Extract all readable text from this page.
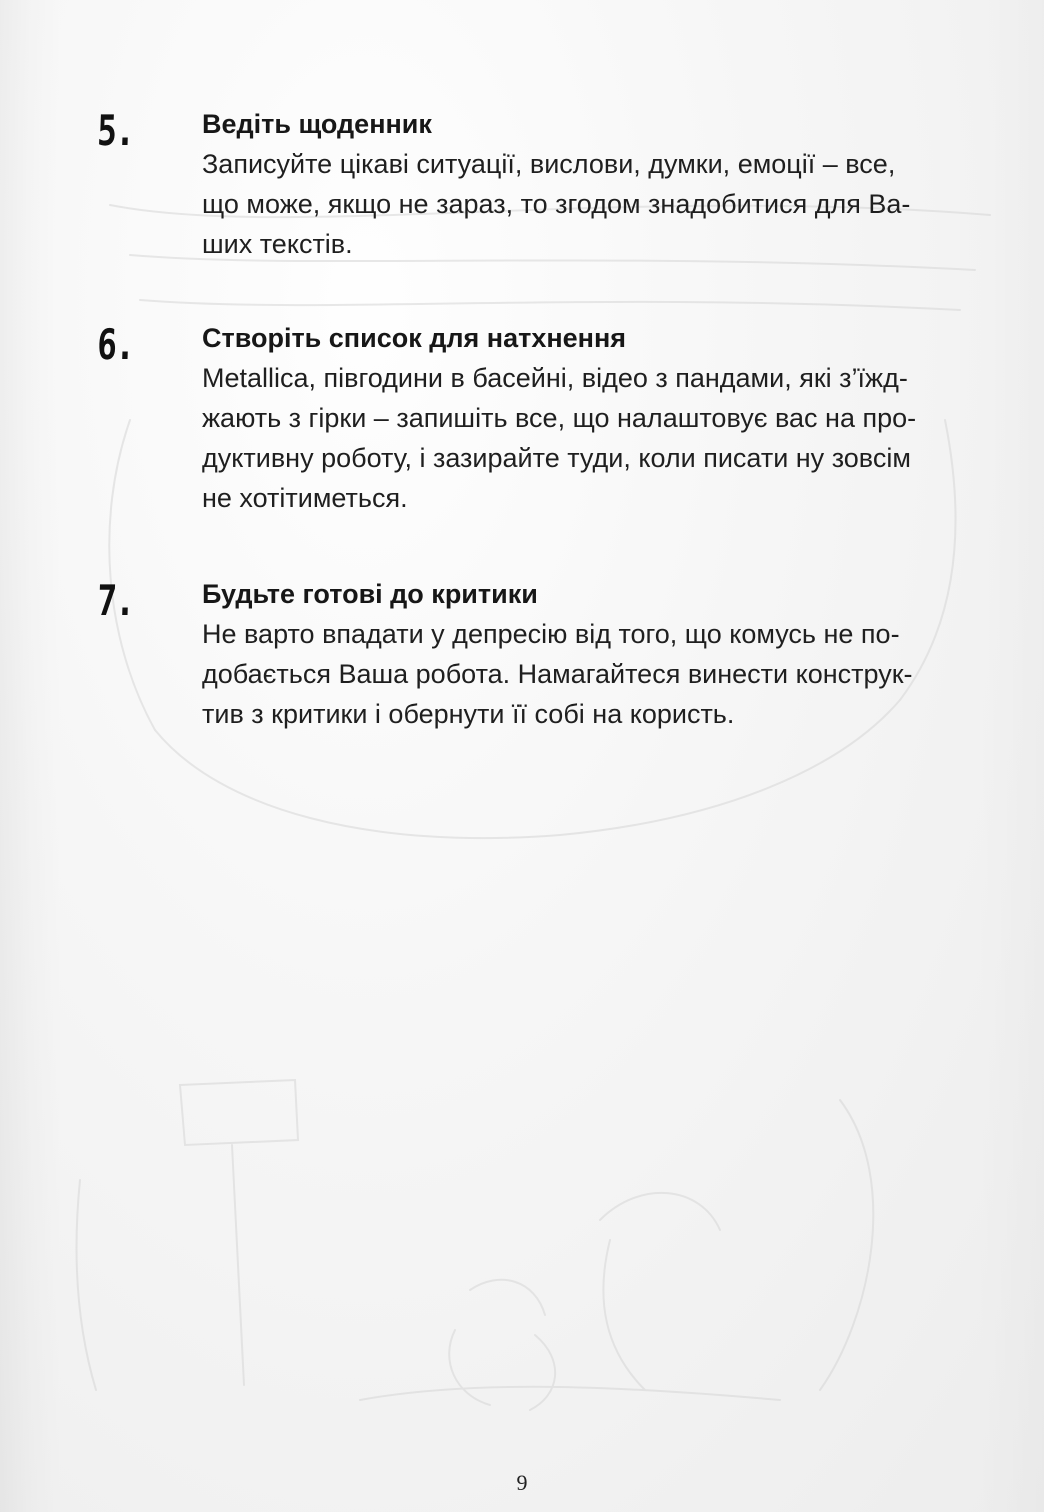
5.	Ведіть щоденник

Записуйте цікаві ситуації, вислови, думки, емоції – все,
що може, якщо не зараз, то згодом знадобитися для Ва-
ших текстів.

6.	Створіть список для натхнення

Metallica, півгодини в басейні, відео з пандами, які з’їжд-
жають з гірки – запишіть все, що налаштовує вас на про-
дуктивну роботу, і зазирайте туди, коли писати ну зовсім
не хотітиметься.

7.	Будьте готові до критики

Не варто впадати у депресію від того, що комусь не по-
добається Ваша робота. Намагайтеся винести конструк-
тив з критики і обернути її собі на користь.

9
